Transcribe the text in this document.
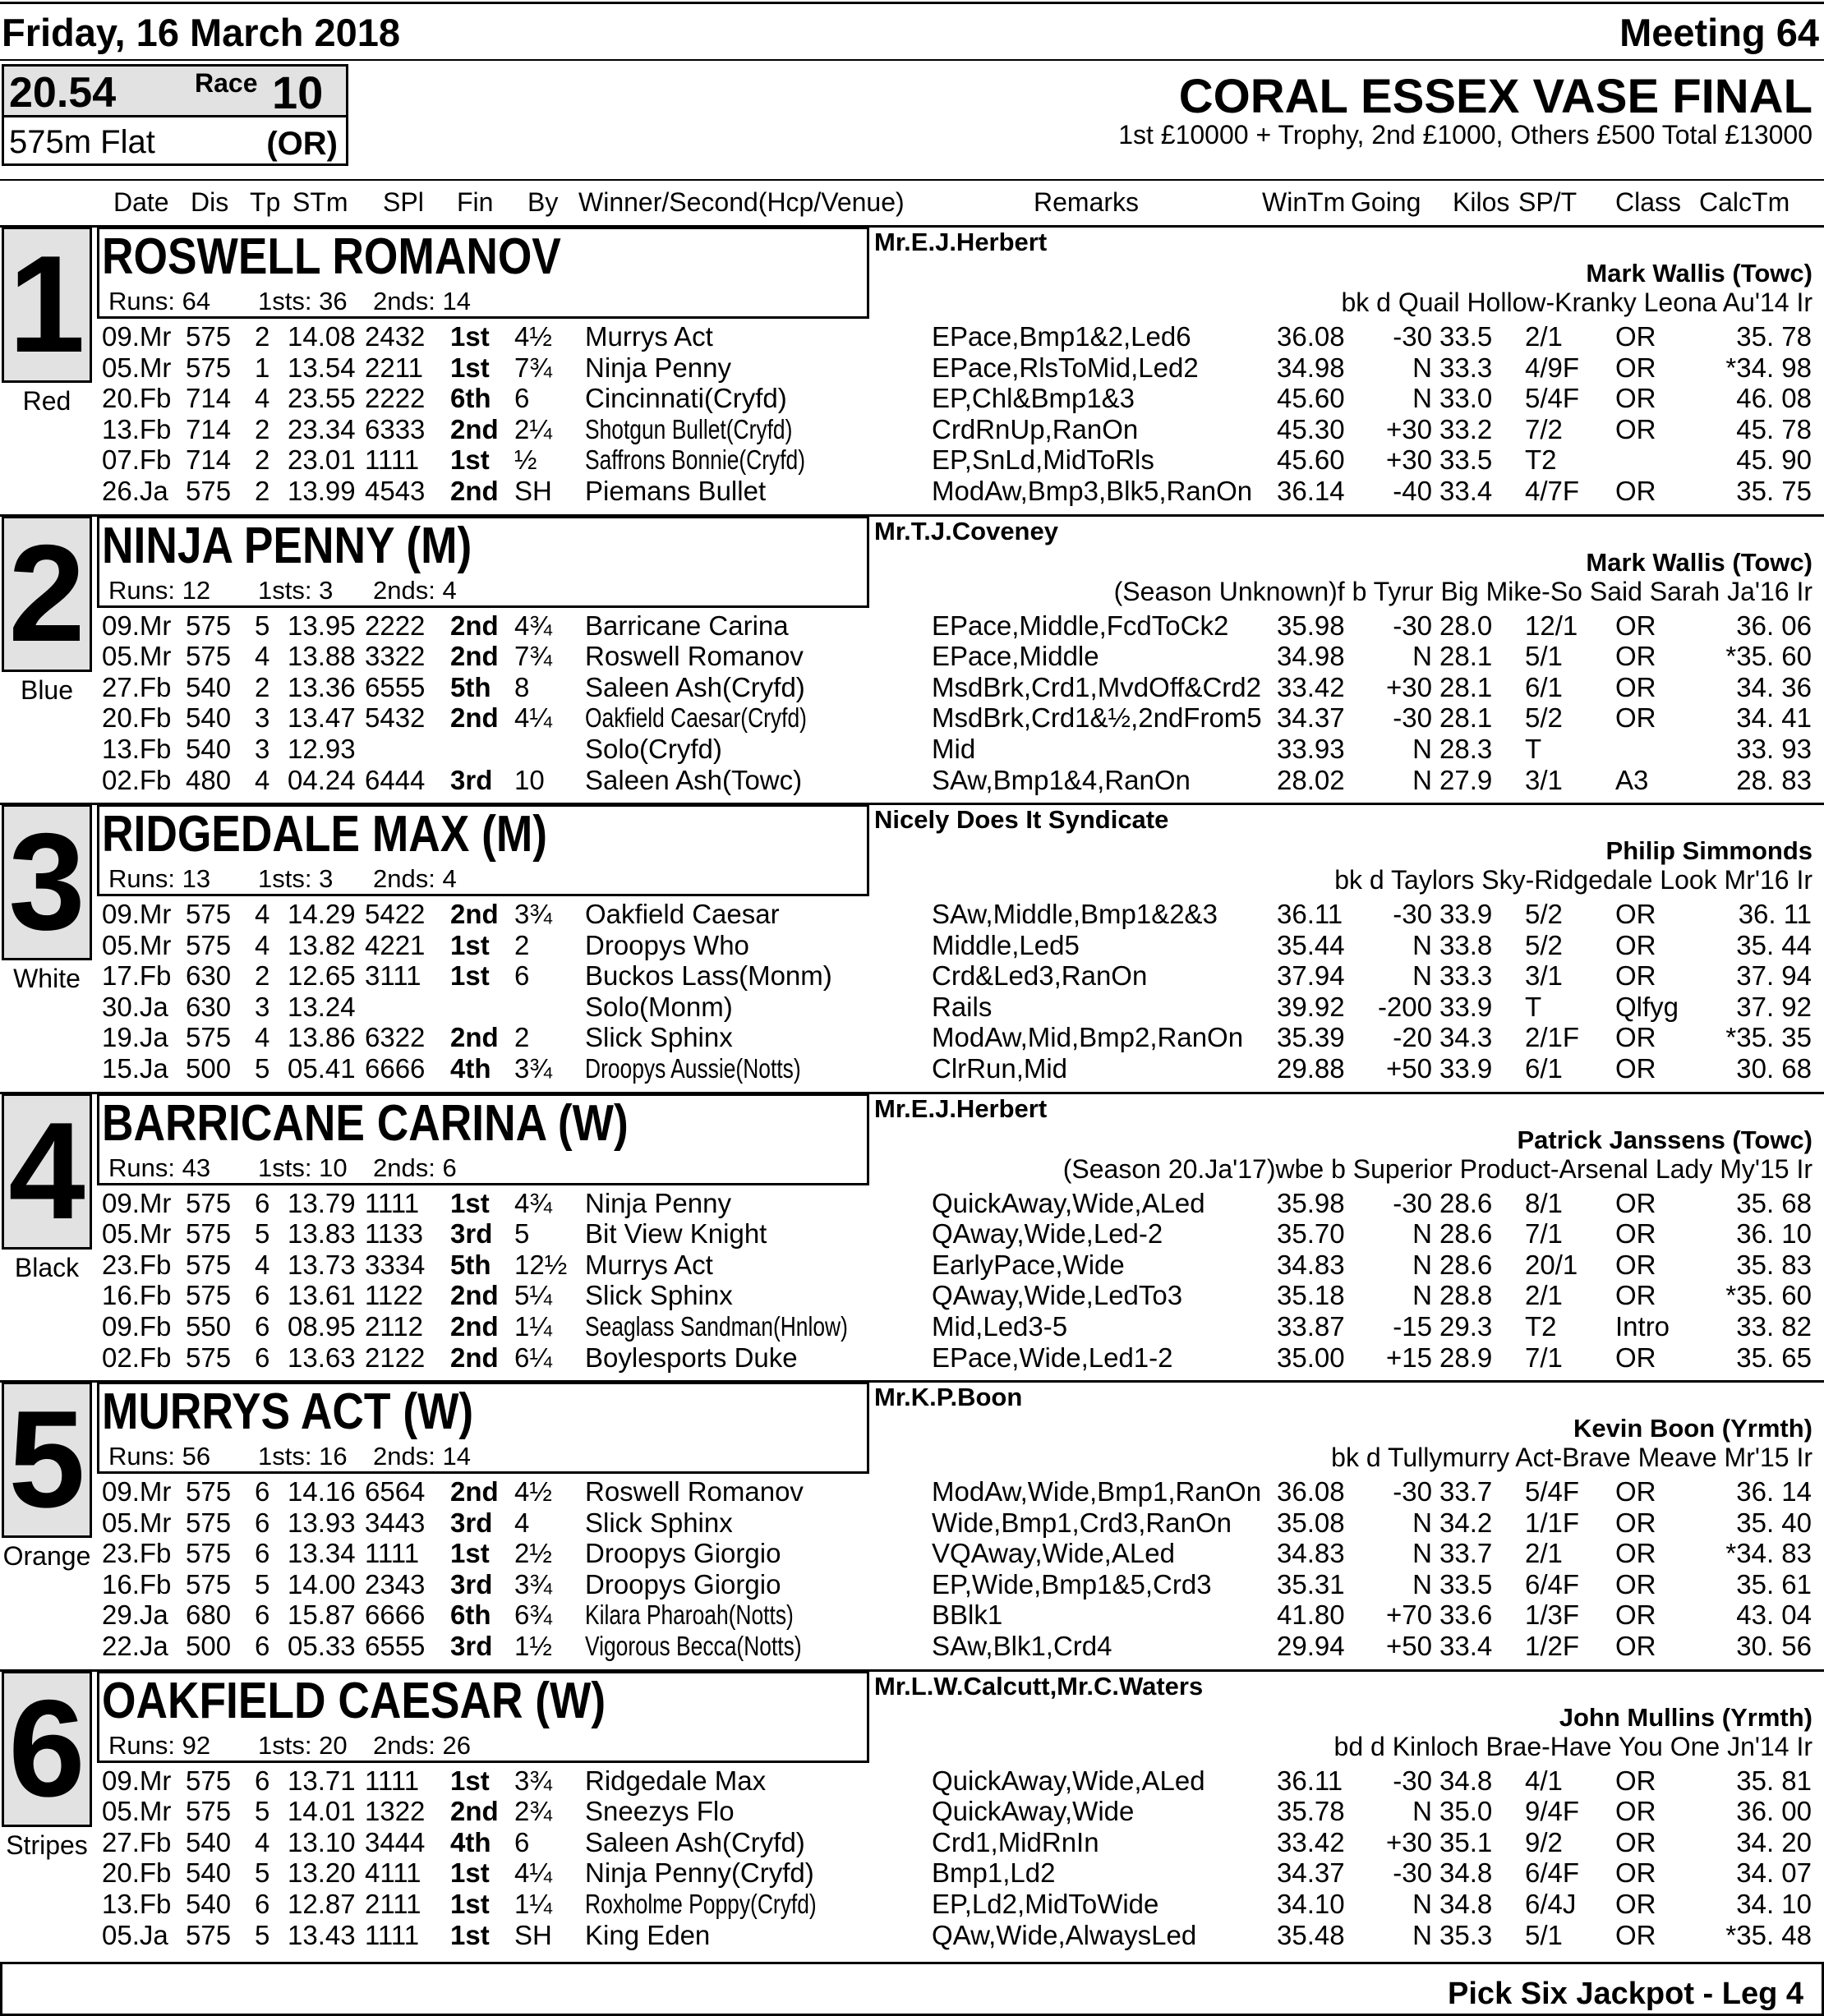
Friday, 16 March 2018	Meeting 64
20.54	Race 10
575m Flat	(OR)
CORAL ESSEX VASE FINAL
1st £10000 + Trophy, 2nd £1000, Others £500 Total £13000
Date Dis Tp STm SPl Fin By Winner/Second(Hcp/Venue)	Remarks	WinTm Going Kilos SP/T Class CalcTm
1
Red
ROSWELL ROMANOV
Runs: 64 1sts: 36 2nds: 14
Mr.E.J.Herbert
Mark Wallis (Towc)
bk d Quail Hollow-Kranky Leona Au'14 Ir
09.Mr 575 2 14.08 2432 1st 4½ Murrys Act	EPace,Bmp1&2,Led6	36.08 -30 33.5 2/1 OR	35. 78
05.Mr 575 1 13.54 2211 1st 7¾ Ninja Penny	EPace,RlsToMid,Led2	34.98	N 33.3 4/9F OR	*34. 98
20.Fb 714 4 23.55 2222 6th 6 Cincinnati(Cryfd)	EP,Chl&Bmp1&3	45.60	N 33.0 5/4F OR	46. 08
13.Fb 714 2 23.34 6333 2nd 2¼ Shotgun Bullet(Cryfd)	CrdRnUp,RanOn	45.30 +30 33.2 7/2 OR	45. 78
07.Fb 714 2 23.01 1111 1st ½ Saffrons Bonnie(Cryfd)	EP,SnLd,MidToRls	45.60 +30 33.5 T2	45. 90
26.Ja 575 2 13.99 4543 2nd SH Piemans Bullet	ModAw,Bmp3,Blk5,RanOn 36.14 -40 33.4 4/7F OR	35. 75
2
Blue
NINJA PENNY (M)
Runs: 12 1sts: 3 2nds: 4
Mr.T.J.Coveney
Mark Wallis (Towc)
(Season Unknown)f b Tyrur Big Mike-So Said Sarah Ja'16 Ir
09.Mr 575 5 13.95 2222 2nd 4¾ Barricane Carina	EPace,Middle,FcdToCk2 35.98 -30 28.0 12/1 OR	36. 06
05.Mr 575 4 13.88 3322 2nd 7¾ Roswell Romanov	EPace,Middle	34.98	N 28.1 5/1 OR	*35. 60
27.Fb 540 2 13.36 6555 5th 8 Saleen Ash(Cryfd)	MsdBrk,Crd1,MvdOff&Crd2 33.42 +30 28.1 6/1 OR	34. 36
20.Fb 540 3 13.47 5432 2nd 4¼ Oakfield Caesar(Cryfd)	MsdBrk,Crd1&½,2ndFrom5 34.37 -30 28.1 5/2 OR	34. 41
13.Fb 540 3 12.93	Solo(Cryfd)	Mid	33.93	N 28.3 T	33. 93
02.Fb 480 4 04.24 6444 3rd 10 Saleen Ash(Towc)	SAw,Bmp1&4,RanOn	28.02	N 27.9 3/1 A3	28. 83
3
White
RIDGEDALE MAX (M)
Runs: 13 1sts: 3 2nds: 4
Nicely Does It Syndicate
Philip Simmonds
bk d Taylors Sky-Ridgedale Look Mr'16 Ir
09.Mr 575 4 14.29 5422 2nd 3¾ Oakfield Caesar	SAw,Middle,Bmp1&2&3 36.11 -30 33.9 5/2 OR	36. 11
05.Mr 575 4 13.82 4221 1st 2 Droopys Who	Middle,Led5	35.44	N 33.8 5/2 OR	35. 44
17.Fb 630 2 12.65 3111 1st 6 Buckos Lass(Monm)	Crd&Led3,RanOn	37.94	N 33.3 3/1 OR	37. 94
30.Ja 630 3 13.24	Solo(Monm)	Rails	39.92 -200 33.9 T	Qlfyg 37. 92
19.Ja 575 4 13.86 6322 2nd 2 Slick Sphinx	ModAw,Mid,Bmp2,RanOn 35.39 -20 34.3 2/1F OR	*35. 35
15.Ja 500 5 05.41 6666 4th 3¾ Droopys Aussie(Notts)	ClrRun,Mid	29.88 +50 33.9 6/1 OR	30. 68
4
Black
BARRICANE CARINA (W)
Runs: 43 1sts: 10 2nds: 6
Mr.E.J.Herbert
Patrick Janssens (Towc)
(Season 20.Ja'17)wbe b Superior Product-Arsenal Lady My'15 Ir
09.Mr 575 6 13.79 1111 1st 4¾ Ninja Penny	QuickAway,Wide,ALed	35.98 -30 28.6 8/1 OR	35. 68
05.Mr 575 5 13.83 1133 3rd 5 Bit View Knight	QAway,Wide,Led-2	35.70	N 28.6 7/1 OR	36. 10
23.Fb 575 4 13.73 3334 5th 12½ Murrys Act	EarlyPace,Wide	34.83	N 28.6 20/1 OR	35. 83
16.Fb 575 6 13.61 1122 2nd 5¼ Slick Sphinx	QAway,Wide,LedTo3	35.18	N 28.8 2/1 OR	*35. 60
09.Fb 550 6 08.95 2112 2nd 1¼ Seaglass Sandman(Hnlow)	Mid,Led3-5	33.87 -15 29.3 T2 Intro 33. 82
02.Fb 575 6 13.63 2122 2nd 6¼ Boylesports Duke	EPace,Wide,Led1-2	35.00 +15 28.9 7/1 OR	35. 65
5
Orange
MURRYS ACT (W)
Runs: 56 1sts: 16 2nds: 14
Mr.K.P.Boon
Kevin Boon (Yrmth)
bk d Tullymurry Act-Brave Meave Mr'15 Ir
09.Mr 575 6 14.16 6564 2nd 4½ Roswell Romanov	ModAw,Wide,Bmp1,RanOn 36.08 -30 33.7 5/4F OR	36. 14
05.Mr 575 6 13.93 3443 3rd 4 Slick Sphinx	Wide,Bmp1,Crd3,RanOn 35.08	N 34.2 1/1F OR	35. 40
23.Fb 575 6 13.34 1111 1st 2½ Droopys Giorgio	VQAway,Wide,ALed	34.83	N 33.7 2/1 OR	*34. 83
16.Fb 575 5 14.00 2343 3rd 3¾ Droopys Giorgio	EP,Wide,Bmp1&5,Crd3 35.31	N 33.5 6/4F OR	35. 61
29.Ja 680 6 15.87 6666 6th 6¾ Kilara Pharoah(Notts)	BBlk1	41.80 +70 33.6 1/3F OR	43. 04
22.Ja 500 6 05.33 6555 3rd 1½ Vigorous Becca(Notts)	SAw,Blk1,Crd4	29.94 +50 33.4 1/2F OR	30. 56
6
Stripes
OAKFIELD CAESAR (W)
Runs: 92 1sts: 20 2nds: 26
Mr.L.W.Calcutt,Mr.C.Waters
John Mullins (Yrmth)
bd d Kinloch Brae-Have You One Jn'14 Ir
09.Mr 575 6 13.71 1111 1st 3¾ Ridgedale Max	QuickAway,Wide,ALed	36.11 -30 34.8 4/1 OR	35. 81
05.Mr 575 5 14.01 1322 2nd 2¾ Sneezys Flo	QuickAway,Wide	35.78	N 35.0 9/4F OR	36. 00
27.Fb 540 4 13.10 3444 4th 6 Saleen Ash(Cryfd)	Crd1,MidRnIn	33.42 +30 35.1 9/2 OR	34. 20
20.Fb 540 5 13.20 4111 1st 4¼ Ninja Penny(Cryfd)	Bmp1,Ld2	34.37 -30 34.8 6/4F OR	34. 07
13.Fb 540 6 12.87 2111 1st 1¼ Roxholme Poppy(Cryfd)	EP,Ld2,MidToWide	34.10	N 34.8 6/4J OR	34. 10
05.Ja 575 5 13.43 1111 1st SH King Eden	QAw,Wide,AlwaysLed	35.48	N 35.3 5/1 OR	*35. 48
Pick Six Jackpot - Leg 4
